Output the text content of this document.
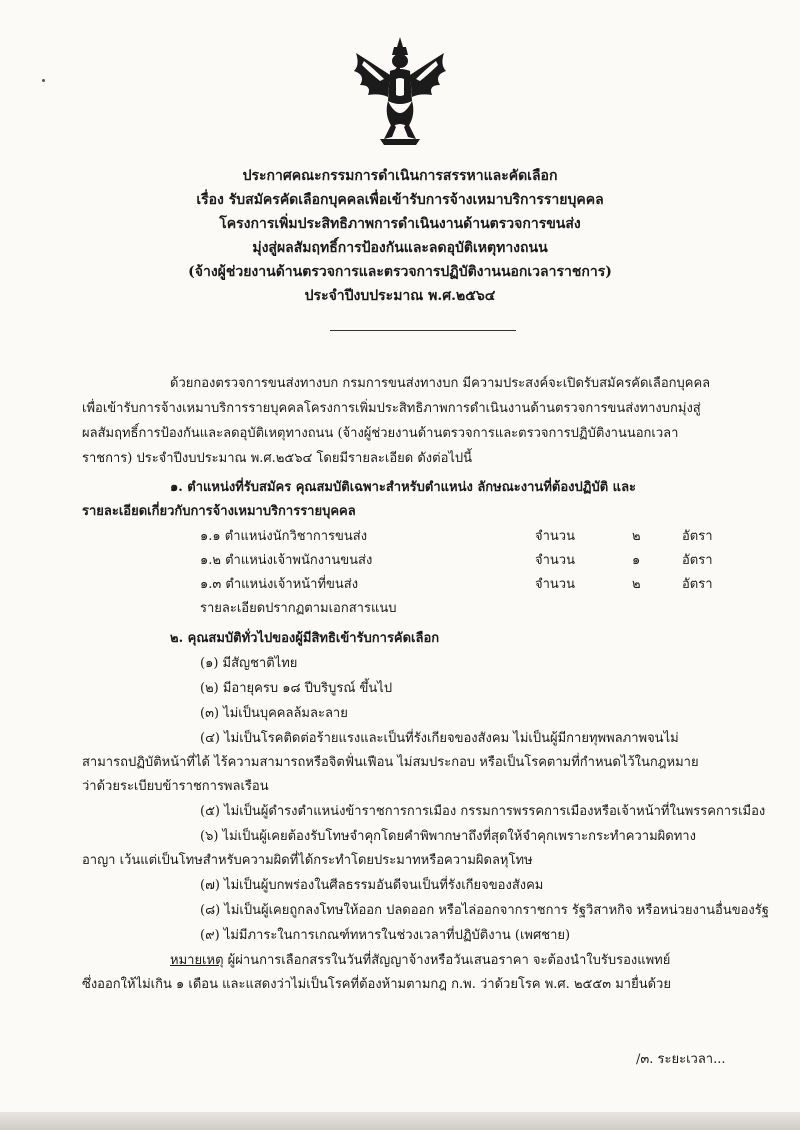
ประกาศคณะกรรมการดำเนินการสรรหาและคัดเลือก
เรื่อง รับสมัครคัดเลือกบุคคลเพื่อเข้ารับการจ้างเหมาบริการรายบุคคล
โครงการเพิ่มประสิทธิภาพการดำเนินงานด้านตรวจการขนส่ง
มุ่งสู่ผลสัมฤทธิ์การป้องกันและลดอุบัติเหตุทางถนน
(จ้างผู้ช่วยงานด้านตรวจการและตรวจการปฏิบัติงานนอกเวลาราชการ)
ประจำปีงบประมาณ พ.ศ.๒๕๖๔
ด้วยกองตรวจการขนส่งทางบก กรมการขนส่งทางบก มีความประสงค์จะเปิดรับสมัครคัดเลือกบุคคล
เพื่อเข้ารับการจ้างเหมาบริการรายบุคคลโครงการเพิ่มประสิทธิภาพการดำเนินงานด้านตรวจการขนส่งทางบกมุ่งสู่
ผลสัมฤทธิ์การป้องกันและลดอุบัติเหตุทางถนน (จ้างผู้ช่วยงานด้านตรวจการและตรวจการปฏิบัติงานนอกเวลา
ราชการ) ประจำปีงบประมาณ พ.ศ.๒๕๖๔ โดยมีรายละเอียด ดังต่อไปนี้
๑. ตำแหน่งที่รับสมัคร คุณสมบัติเฉพาะสำหรับตำแหน่ง ลักษณะงานที่ต้องปฏิบัติ และ
รายละเอียดเกี่ยวกับการจ้างเหมาบริการรายบุคคล
๑.๑ ตำแหน่งนักวิชาการขนส่ง	จำนวน	๒	อัตรา
๑.๒ ตำแหน่งเจ้าพนักงานขนส่ง	จำนวน	๑	อัตรา
๑.๓ ตำแหน่งเจ้าหน้าที่ขนส่ง	จำนวน	๒	อัตรา
รายละเอียดปรากฏตามเอกสารแนบ
๒. คุณสมบัติทั่วไปของผู้มีสิทธิเข้ารับการคัดเลือก
(๑) มีสัญชาติไทย
(๒) มีอายุครบ ๑๘ ปีบริบูรณ์ ขึ้นไป
(๓) ไม่เป็นบุคคลล้มละลาย
(๔) ไม่เป็นโรคติดต่อร้ายแรงและเป็นที่รังเกียจของสังคม ไม่เป็นผู้มีกายทุพพลภาพจนไม่
สามารถปฏิบัติหน้าที่ได้ ไร้ความสามารถหรือจิตฟั่นเฟือน ไม่สมประกอบ หรือเป็นโรคตามที่กำหนดไว้ในกฎหมาย
ว่าด้วยระเบียบข้าราชการพลเรือน
(๕) ไม่เป็นผู้ดำรงตำแหน่งข้าราชการการเมือง กรรมการพรรคการเมืองหรือเจ้าหน้าที่ในพรรคการเมือง
(๖) ไม่เป็นผู้เคยต้องรับโทษจำคุกโดยคำพิพากษาถึงที่สุดให้จำคุกเพราะกระทำความผิดทาง
อาญา เว้นแต่เป็นโทษสำหรับความผิดที่ได้กระทำโดยประมาทหรือความผิดลหุโทษ
(๗) ไม่เป็นผู้บกพร่องในศีลธรรมอันดีจนเป็นที่รังเกียจของสังคม
(๘) ไม่เป็นผู้เคยถูกลงโทษให้ออก ปลดออก หรือไล่ออกจากราชการ รัฐวิสาหกิจ หรือหน่วยงานอื่นของรัฐ
(๙) ไม่มีภาระในการเกณฑ์ทหารในช่วงเวลาที่ปฏิบัติงาน (เพศชาย)
หมายเหตุ ผู้ผ่านการเลือกสรรในวันที่สัญญาจ้างหรือวันเสนอราคา จะต้องนำใบรับรองแพทย์
ซึ่งออกให้ไม่เกิน ๑ เดือน และแสดงว่าไม่เป็นโรคที่ต้องห้ามตามกฎ ก.พ. ว่าด้วยโรค พ.ศ. ๒๕๕๓ มายื่นด้วย
/๓. ระยะเวลา...
